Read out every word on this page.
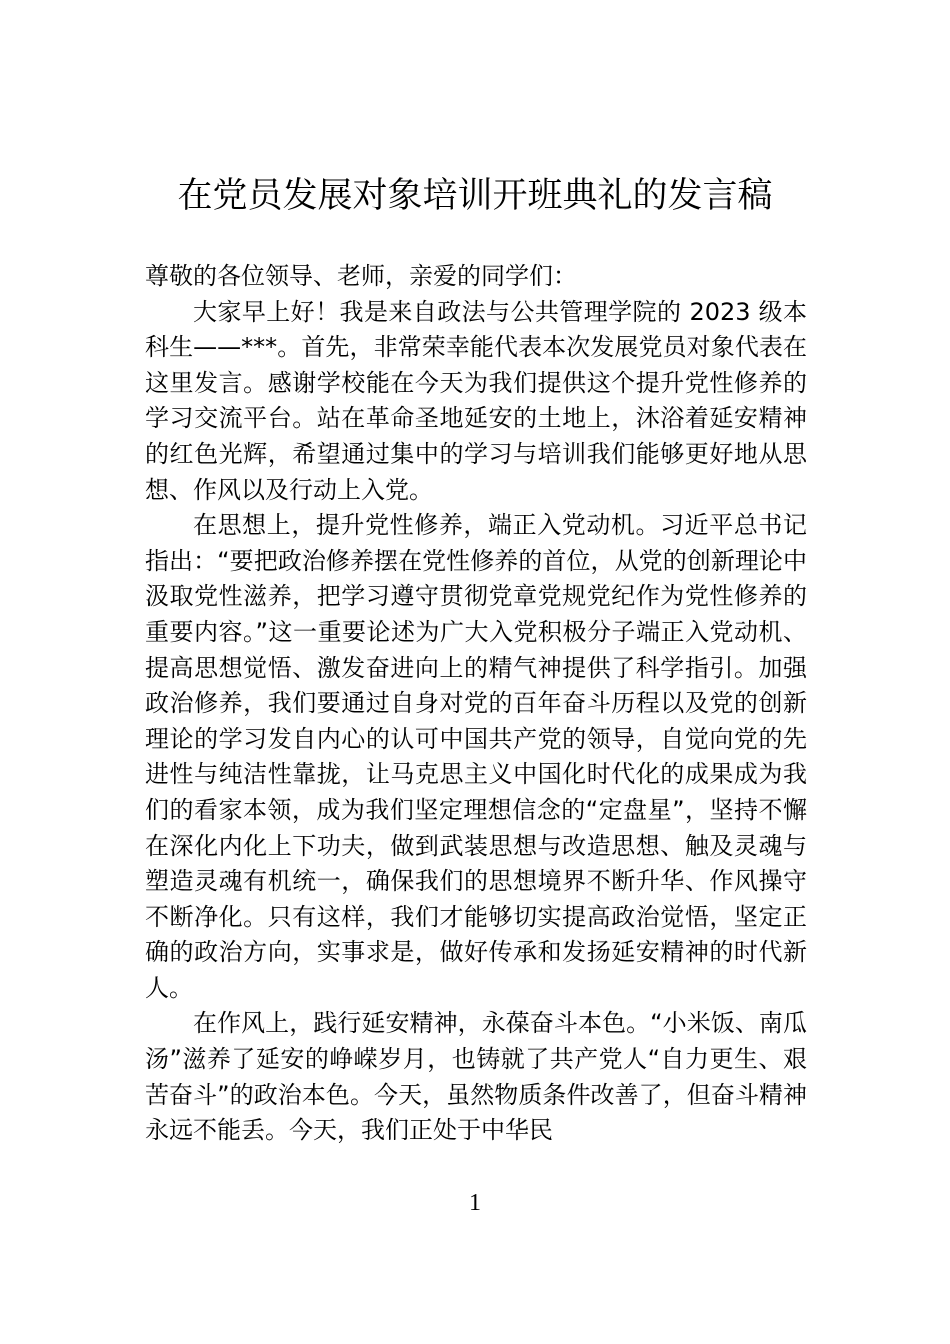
在党员发展对象培训开班典礼的发言稿

尊敬的各位领导、老师，亲爱的同学们：

大家早上好！我是来自政法与公共管理学院的 2023 级本科生——***。首先，非常荣幸能代表本次发展党员对象代表在这里发言。感谢学校能在今天为我们提供这个提升党性修养的学习交流平台。站在革命圣地延安的土地上，沐浴着延安精神的红色光辉，希望通过集中的学习与培训我们能够更好地从思想、作风以及行动上入党。

在思想上，提升党性修养，端正入党动机。习近平总书记指出：“要把政治修养摆在党性修养的首位，从党的创新理论中汲取党性滋养，把学习遵守贯彻党章党规党纪作为党性修养的重要内容。”这一重要论述为广大入党积极分子端正入党动机、提高思想觉悟、激发奋进向上的精气神提供了科学指引。加强政治修养，我们要通过自身对党的百年奋斗历程以及党的创新理论的学习发自内心的认可中国共产党的领导，自觉向党的先进性与纯洁性靠拢，让马克思主义中国化时代化的成果成为我们的看家本领，成为我们坚定理想信念的“定盘星”，坚持不懈在深化内化上下功夫，做到武装思想与改造思想、触及灵魂与塑造灵魂有机统一，确保我们的思想境界不断升华、作风操守不断净化。只有这样，我们才能够切实提高政治觉悟，坚定正确的政治方向，实事求是，做好传承和发扬延安精神的时代新人。

在作风上，践行延安精神，永葆奋斗本色。“小米饭、南瓜汤”滋养了延安的峥嵘岁月，也铸就了共产党人“自力更生、艰苦奋斗”的政治本色。今天，虽然物质条件改善了，但奋斗精神永远不能丢。今天，我们正处于中华民

1
